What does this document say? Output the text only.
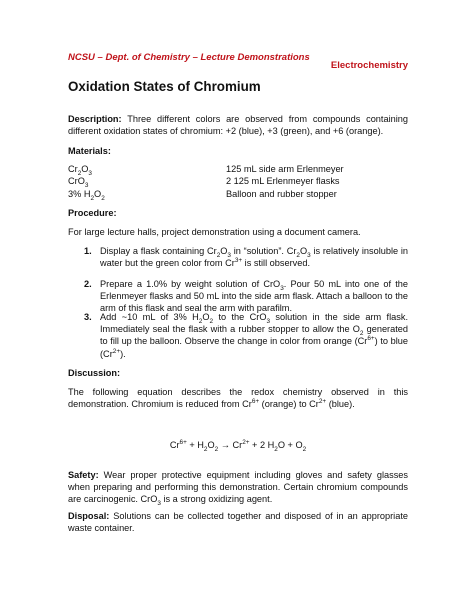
NCSU – Dept. of Chemistry – Lecture Demonstrations
Electrochemistry
Oxidation States of Chromium
Description: Three different colors are observed from compounds containing different oxidation states of chromium: +2 (blue), +3 (green), and +6 (orange).
Materials:
$Cr_2O_3$	125 mL side arm Erlenmeyer
CrO$_3$	2 125 mL Erlenmeyer flasks
3% $H_2O_2$	Balloon and rubber stopper
Procedure:
For large lecture halls, project demonstration using a document camera.
1. Display a flask containing $Cr_2O_3$ in “solution”. $Cr_2O_3$ is relatively insoluble in water but the green color from $Cr^{3+}$ is still observed.
2. Prepare a 1.0% by weight solution of CrO$_3$. Pour 50 mL into one of the Erlenmeyer flasks and 50 mL into the side arm flask. Attach a balloon to the arm of this flask and seal the arm with parafilm.
3. Add ~10 mL of 3% $H_2O_2$ to the CrO$_3$ solution in the side arm flask. Immediately seal the flask with a rubber stopper to allow the $O_2$ generated to fill up the balloon. Observe the change in color from orange $(Cr^{6+})$ to blue $(Cr^{2+})$.
Discussion:
The following equation describes the redox chemistry observed in this demonstration. Chromium is reduced from $Cr^{6+}$ (orange) to $Cr^{2+}$ (blue).
$Cr^{6+} + H_2O_2 \to Cr^{2+} + 2$ $H_2O + O_2$
Safety: Wear proper protective equipment including gloves and safety glasses when preparing and performing this demonstration. Certain chromium compounds are carcinogenic. CrO$_3$ is a strong oxidizing agent.
Disposal: Solutions can be collected together and disposed of in an appropriate waste container.
